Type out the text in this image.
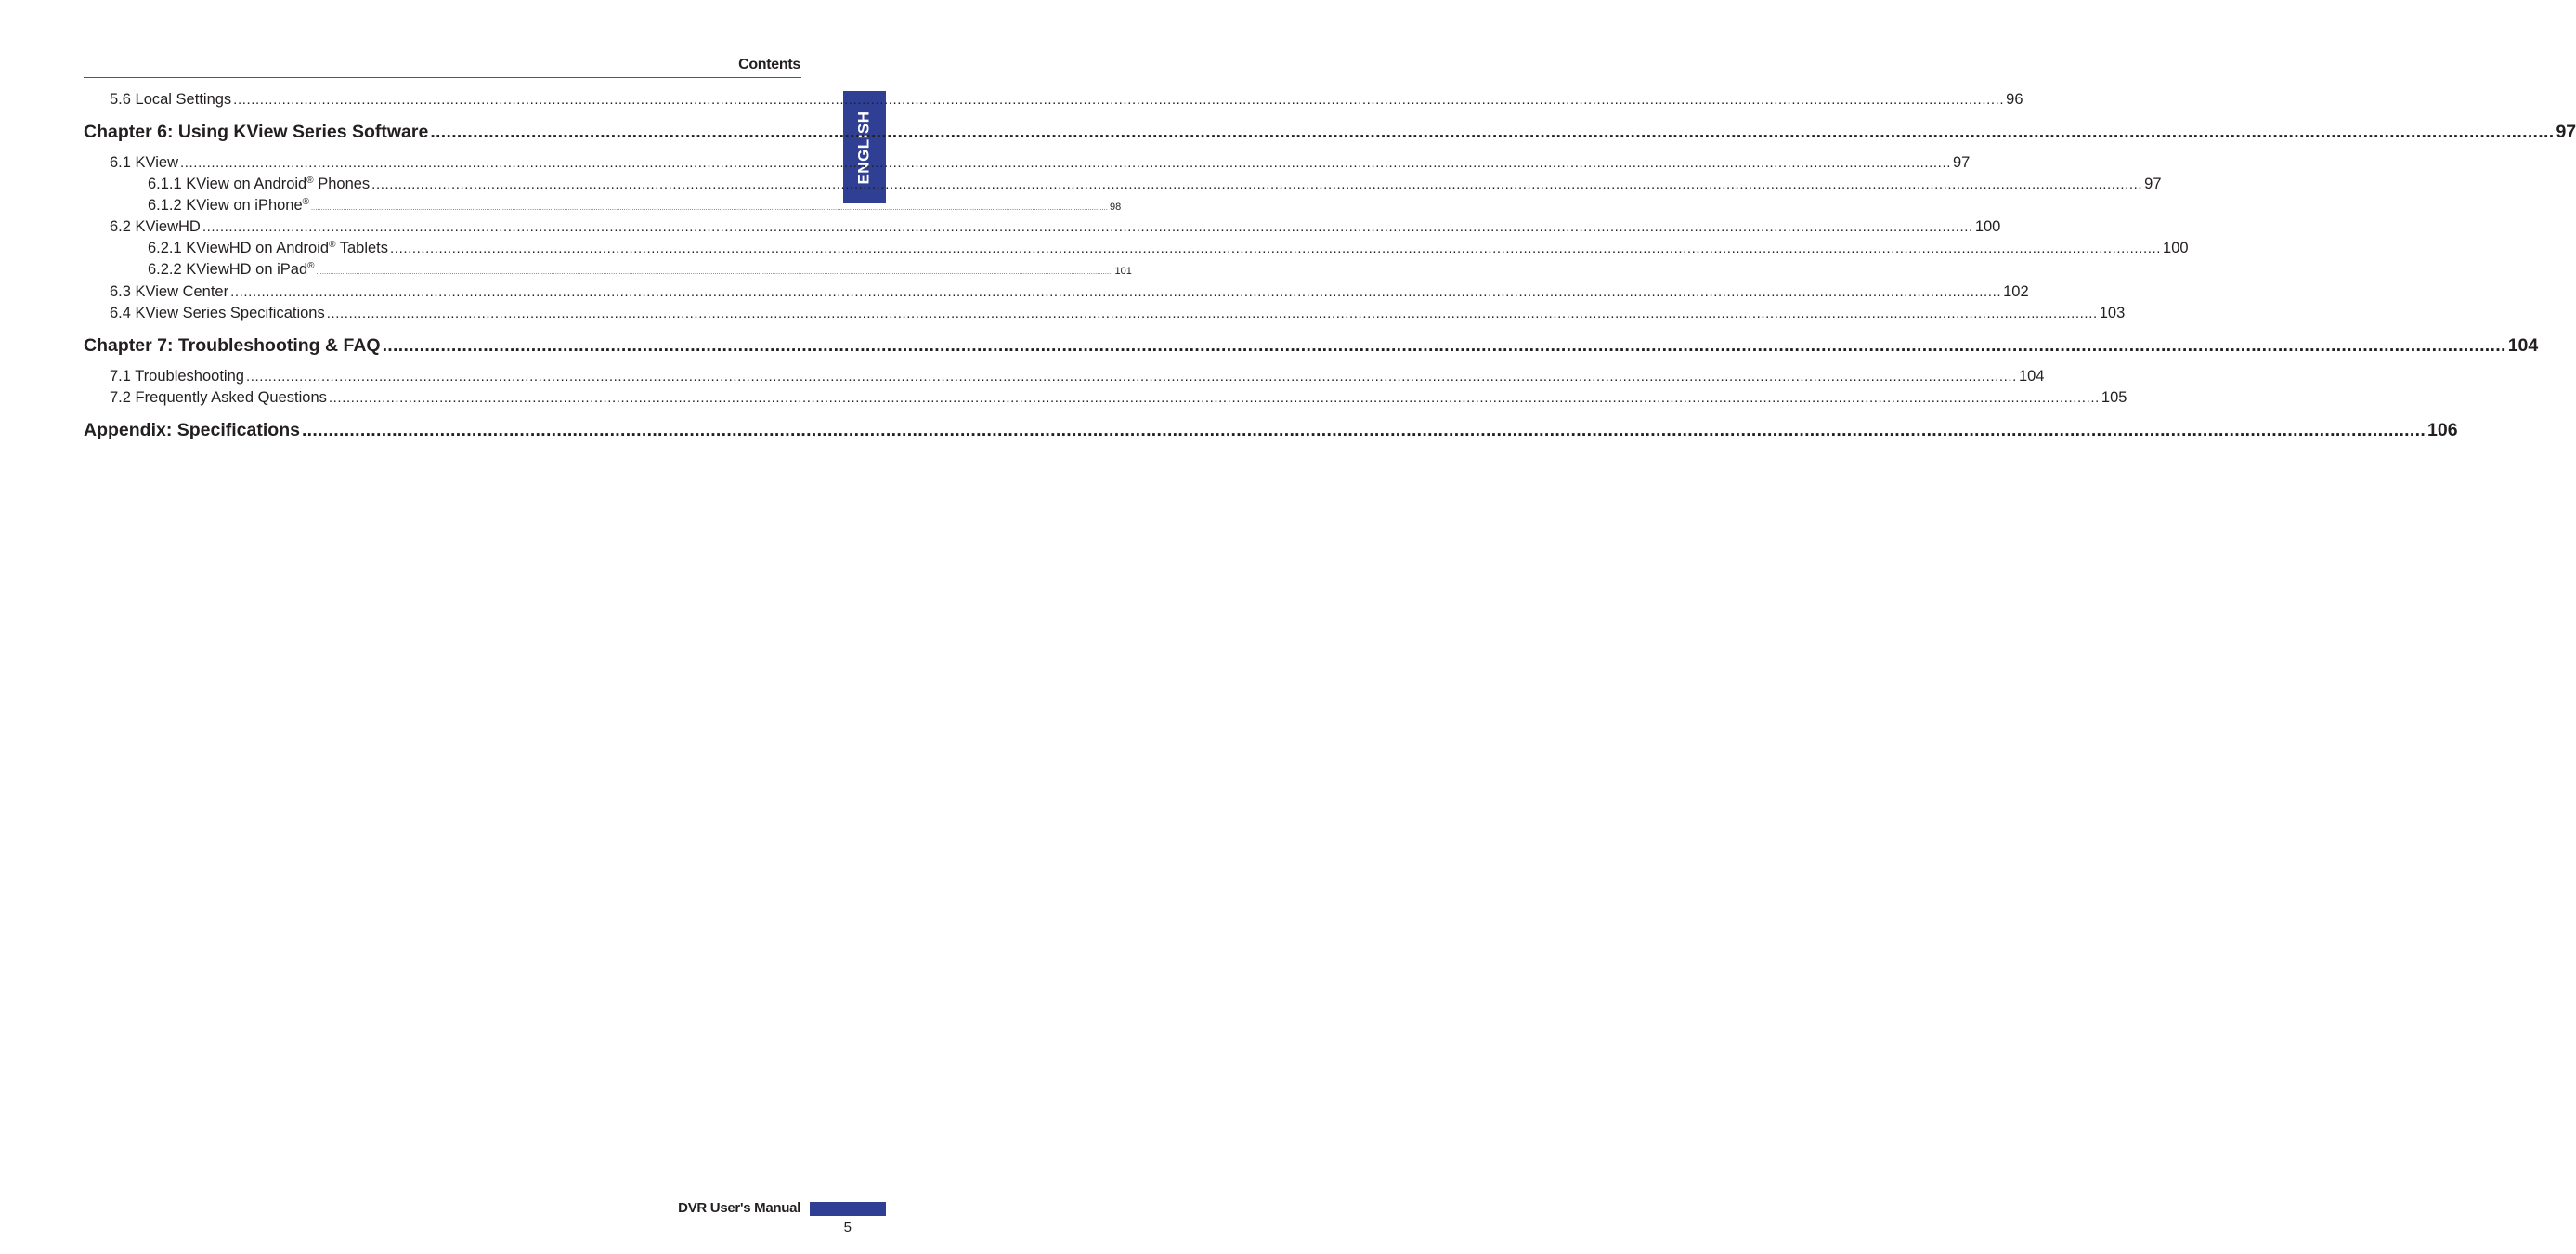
Contents
ENGLISH
5.6 Local Settings ................................................................................................................................................................................................................................................................................................................................................................................................................ 96
Chapter 6: Using KView Series Software ................................................................................................................................................................................................................................................................................................................................................................................................................ 97
6.1 KView ................................................................................................................................................................................................................................................................................................................................................................................................................ 97
6.1.1 KView on Android® Phones ................................................................................................................................................................................................................................................................................................................................................................................................................ 97
6.1.2 KView on iPhone®
................................................................................................................................................................................................................................................................................................................................................................................................................ 98
6.2 KViewHD ................................................................................................................................................................................................................................................................................................................................................................................................................ 100
6.2.1 KViewHD on Android® Tablets ................................................................................................................................................................................................................................................................................................................................................................................................................ 100
6.2.2 KViewHD on iPad®
................................................................................................................................................................................................................................................................................................................................................................................................................ 101
6.3 KView Center ................................................................................................................................................................................................................................................................................................................................................................................................................ 102
6.4 KView Series Specifications ................................................................................................................................................................................................................................................................................................................................................................................................................ 103
Chapter 7: Troubleshooting & FAQ ................................................................................................................................................................................................................................................................................................................................................................................................................ 104
7.1 Troubleshooting ................................................................................................................................................................................................................................................................................................................................................................................................................ 104
7.2 Frequently Asked Questions ................................................................................................................................................................................................................................................................................................................................................................................................................ 105
Appendix: Specifications ................................................................................................................................................................................................................................................................................................................................................................................................................ 106
DVR User's Manual
5
